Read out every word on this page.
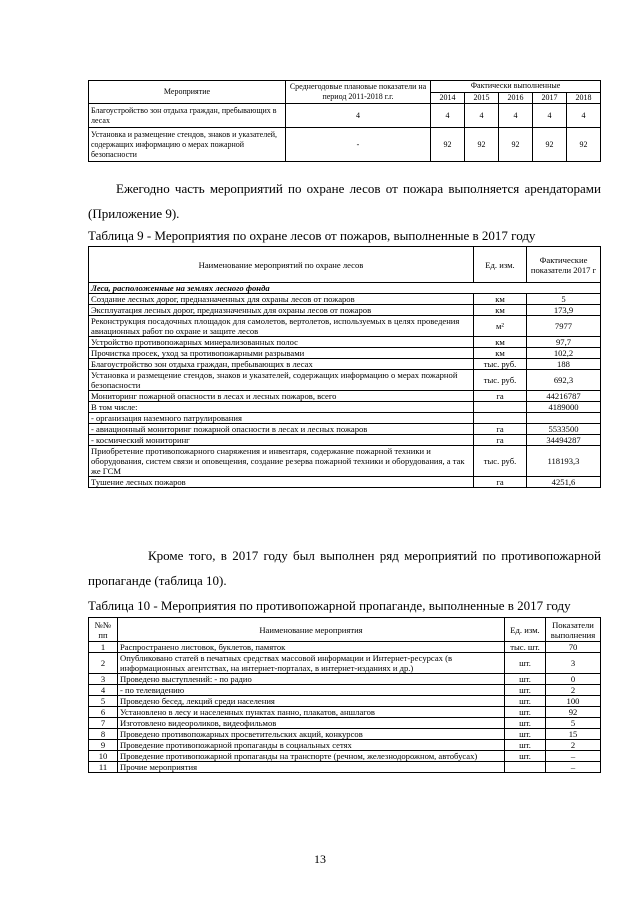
Мероприятие	Среднегодовые плановые показатели на период 2011-2018 г.г.	Фактически выполненные				
		2014	2015	2016	2017	2018
Благоустройство зон отдыха граждан, пребывающих в лесах	4	4	4	4	4	4
Установка и размещение стендов, знаков и указателей, содержащих информацию о мерах пожарной безопасности	-	92	92	92	92	92
Ежегодно часть мероприятий по охране лесов от пожара выполняется арендаторами (Приложение 9).
Таблица 9 - Мероприятия по охране лесов от пожаров, выполненные в 2017 году
Наименование мероприятий по охране лесов	Ед. изм.	Фактические показатели 2017 г
Леса, расположенные на землях лесного фонда		
Создание лесных дорог, предназначенных для охраны лесов от пожаров	км	5
Эксплуатация лесных дорог, предназначенных для охраны лесов от пожаров	км	173,9
Реконструкция посадочных площадок для самолетов, вертолетов, используемых в целях проведения авиационных работ по охране и защите лесов	м²	7977
Устройство противопожарных минерализованных полос	км	97,7
Прочистка просек, уход за противопожарными разрывами	км	102,2
Благоустройство зон отдыха граждан, пребывающих в лесах	тыс. руб.	188
Установка и размещение стендов, знаков и указателей, содержащих информацию о мерах пожарной безопасности	тыс. руб.	692,3
Мониторинг пожарной опасности в лесах и лесных пожаров, всего	га	44216787
В том числе:		4189000
- организация наземного патрулирования		
- авиационный мониторинг пожарной опасности в лесах и лесных пожаров	га	5533500
- космический мониторинг	га	34494287
Приобретение противопожарного снаряжения и инвентаря, содержание пожарной техники и оборудования, систем связи и оповещения, создание резерва пожарной техники и оборудования, а так же ГСМ	тыс. руб.	118193,3
Тушение лесных пожаров	га	4251,6
Кроме того, в 2017 году был выполнен ряд мероприятий по противопожарной пропаганде (таблица 10).
Таблица 10 - Мероприятия по противопожарной пропаганде, выполненные в 2017 году
№№ пп	Наименование мероприятия	Ед. изм.	Показатели выполнения
1	Распространено листовок, буклетов, памяток	тыс. шт.	70
2	Опубликовано статей в печатных средствах массовой информации и Интернет-ресурсах (в информационных агентствах, на интернет-порталах, в интернет-изданиях и др.)	шт.	3
3	Проведено выступлений: - по радио	шт.	0
4	- по телевидению	шт.	2
5	Проведено бесед, лекций среди населения	шт.	100
6	Установлено в лесу и населенных пунктах панно, плакатов, аншлагов	шт.	92
7	Изготовлено видеороликов, видеофильмов	шт.	5
8	Проведено противопожарных просветительских акций, конкурсов	шт.	15
9	Проведение противопожарной пропаганды в социальных сетях	шт.	2
10	Проведение противопожарной пропаганды на транспорте (речном, железнодорожном, автобусах)	шт.	–
11	Прочие мероприятия		–
13
